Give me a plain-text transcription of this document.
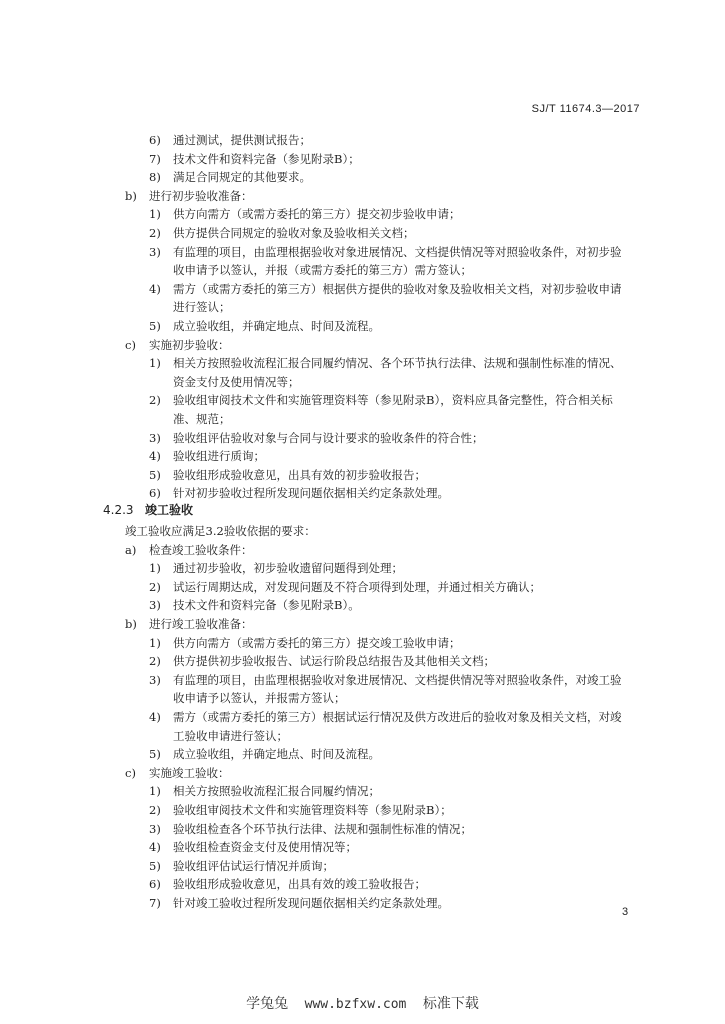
SJ/T 11674.3—2017
6) 通过测试，提供测试报告；
7) 技术文件和资料完备（参见附录B）；
8) 满足合同规定的其他要求。
b) 进行初步验收准备：
1) 供方向需方（或需方委托的第三方）提交初步验收申请；
2) 供方提供合同规定的验收对象及验收相关文档；
3) 有监理的项目，由监理根据验收对象进展情况、文档提供情况等对照验收条件，对初步验
收申请予以签认，并报（或需方委托的第三方）需方签认；
4) 需方（或需方委托的第三方）根据供方提供的验收对象及验收相关文档，对初步验收申请
进行签认；
5) 成立验收组，并确定地点、时间及流程。
c) 实施初步验收：
1) 相关方按照验收流程汇报合同履约情况、各个环节执行法律、法规和强制性标准的情况、
资金支付及使用情况等；
2) 验收组审阅技术文件和实施管理资料等（参见附录B），资料应具备完整性，符合相关标
准、规范；
3) 验收组评估验收对象与合同与设计要求的验收条件的符合性；
4) 验收组进行质询；
5) 验收组形成验收意见，出具有效的初步验收报告；
6) 针对初步验收过程所发现问题依据相关约定条款处理。
4.2.3 竣工验收
竣工验收应满足3.2验收依据的要求：
a) 检查竣工验收条件：
1) 通过初步验收，初步验收遗留问题得到处理；
2) 试运行周期达成，对发现问题及不符合项得到处理，并通过相关方确认；
3) 技术文件和资料完备（参见附录B）。
b) 进行竣工验收准备：
1) 供方向需方（或需方委托的第三方）提交竣工验收申请；
2) 供方提供初步验收报告、试运行阶段总结报告及其他相关文档；
3) 有监理的项目，由监理根据验收对象进展情况、文档提供情况等对照验收条件，对竣工验
收申请予以签认，并报需方签认；
4) 需方（或需方委托的第三方）根据试运行情况及供方改进后的验收对象及相关文档，对竣
工验收申请进行签认；
5) 成立验收组，并确定地点、时间及流程。
c) 实施竣工验收：
1) 相关方按照验收流程汇报合同履约情况；
2) 验收组审阅技术文件和实施管理资料等（参见附录B）；
3) 验收组检查各个环节执行法律、法规和强制性标准的情况；
4) 验收组检查资金支付及使用情况等；
5) 验收组评估试运行情况并质询；
6) 验收组形成验收意见，出具有效的竣工验收报告；
7) 针对竣工验收过程所发现问题依据相关约定条款处理。
3
学兔兔 www.bzfxw.com 标准下载
